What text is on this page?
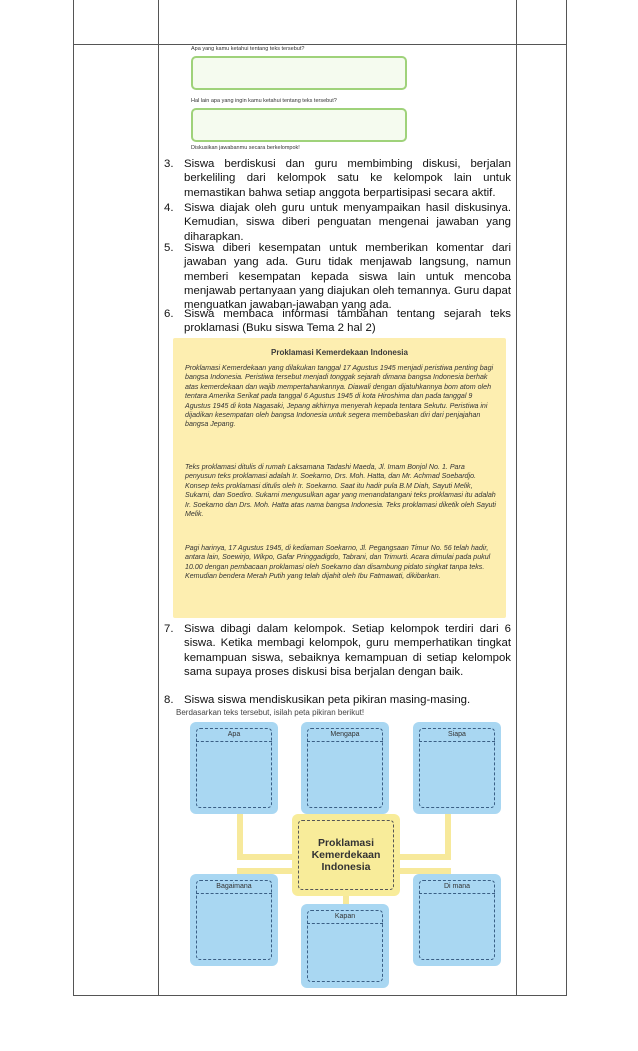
Apa yang kamu ketahui tentang teks tersebut?
Hal lain apa yang ingin kamu ketahui tentang teks tersebut?
Diskusikan jawabanmu secara berkelompok!
3. Siswa berdiskusi dan guru membimbing diskusi, berjalan berkeliling dari kelompok satu ke kelompok lain untuk memastikan bahwa setiap anggota berpartisipasi secara aktif.
4. Siswa diajak oleh guru untuk menyampaikan hasil diskusinya. Kemudian, siswa diberi penguatan mengenai jawaban yang diharapkan.
5. Siswa diberi kesempatan untuk memberikan komentar dari jawaban yang ada. Guru tidak menjawab langsung, namun memberi kesempatan kepada siswa lain untuk mencoba menjawab pertanyaan yang diajukan oleh temannya. Guru dapat menguatkan jawaban-jawaban yang ada.
6. Siswa membaca informasi tambahan tentang sejarah teks proklamasi (Buku siswa Tema 2 hal 2)
Proklamasi Kemerdekaan Indonesia
Proklamasi Kemerdekaan yang dilakukan tanggal 17 Agustus 1945 menjadi peristiwa penting bagi bangsa Indonesia. Peristiwa tersebut menjadi tonggak sejarah dimana bangsa Indonesia berhak atas kemerdekaan dan wajib mempertahankannya. Diawali dengan dijatuhkannya bom atom oleh tentara Amerika Serikat pada tanggal 6 Agustus 1945 di kota Hiroshima dan pada tanggal 9 Agustus 1945 di kota Nagasaki, Jepang akhirnya menyerah kepada tentara Sekutu. Peristiwa ini dijadikan kesempatan oleh bangsa Indonesia untuk segera membebaskan diri dari penjajahan bangsa Jepang.
Teks proklamasi ditulis di rumah Laksamana Tadashi Maeda, Jl. Imam Bonjol No. 1. Para penyusun teks proklamasi adalah Ir. Soekarno, Drs. Moh. Hatta, dan Mr. Achmad Soebardjo. Konsep teks proklamasi ditulis oleh Ir. Soekarno. Saat itu hadir pula B.M Diah, Sayuti Melik, Sukarni, dan Soediro. Sukarni mengusulkan agar yang menandatangani teks proklamasi itu adalah Ir. Soekarno dan Drs. Moh. Hatta atas nama bangsa Indonesia. Teks proklamasi diketik oleh Sayuti Melik.
Pagi harinya, 17 Agustus 1945, di kediaman Soekarno, Jl. Pegangsaan Timur No. 56 telah hadir, antara lain, Soewirjo, Wikpo, Gafar Pringgadigdo, Tabrani, dan Trimurti. Acara dimulai pada pukul 10.00 dengan pembacaan proklamasi oleh Soekarno dan disambung pidato singkat tanpa teks. Kemudian bendera Merah Putih yang telah dijahit oleh Ibu Fatmawati, dikibarkan.
7. Siswa dibagi dalam kelompok. Setiap kelompok terdiri dari 6 siswa. Ketika membagi kelompok, guru memperhatikan tingkat kemampuan siswa, sebaiknya kemampuan di setiap kelompok sama supaya proses diskusi bisa berjalan dengan baik.
8. Siswa siswa mendiskusikan peta pikiran masing-masing.
Berdasarkan teks tersebut, isilah peta pikiran berikut!
Apa	Mengapa	Siapa
Bagaimana
Kapan
Di mana
Proklamasi Kemerdekaan Indonesia
